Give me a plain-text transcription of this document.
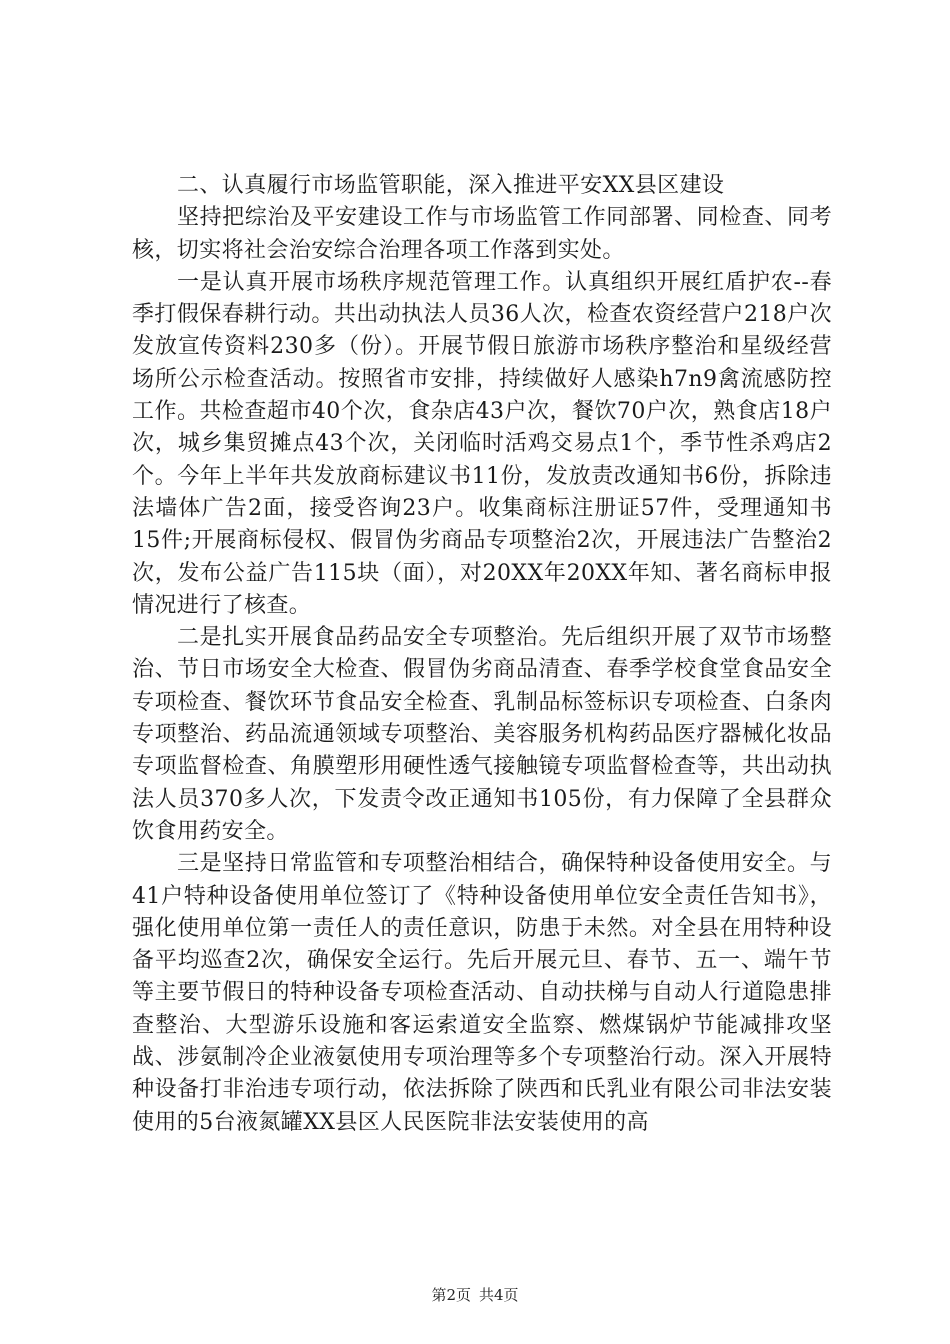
二、认真履行市场监管职能，深入推进平安XX县区建设

坚持把综治及平安建设工作与市场监管工作同部署、同检查、同考核，切实将社会治安综合治理各项工作落到实处。

一是认真开展市场秩序规范管理工作。认真组织开展红盾护农--春季打假保春耕行动。共出动执法人员36人次，检查农资经营户218户次发放宣传资料230多（份）。开展节假日旅游市场秩序整治和星级经营场所公示检查活动。按照省市安排，持续做好人感染h7n9禽流感防控工作。共检查超市40个次，食杂店43户次，餐饮70户次，熟食店18户次，城乡集贸摊点43个次，关闭临时活鸡交易点1个，季节性杀鸡店2个。今年上半年共发放商标建议书11份，发放责改通知书6份，拆除违法墙体广告2面，接受咨询23户。收集商标注册证57件，受理通知书15件;开展商标侵权、假冒伪劣商品专项整治2次，开展违法广告整治2次，发布公益广告115块（面），对20XX年20XX年知、著名商标申报情况进行了核查。

二是扎实开展食品药品安全专项整治。先后组织开展了双节市场整治、节日市场安全大检查、假冒伪劣商品清查、春季学校食堂食品安全专项检查、餐饮环节食品安全检查、乳制品标签标识专项检查、白条肉专项整治、药品流通领域专项整治、美容服务机构药品医疗器械化妆品专项监督检查、角膜塑形用硬性透气接触镜专项监督检查等，共出动执法人员370多人次，下发责令改正通知书105份，有力保障了全县群众饮食用药安全。

三是坚持日常监管和专项整治相结合，确保特种设备使用安全。与41户特种设备使用单位签订了《特种设备使用单位安全责任告知书》，强化使用单位第一责任人的责任意识，防患于未然。对全县在用特种设备平均巡查2次，确保安全运行。先后开展元旦、春节、五一、端午节等主要节假日的特种设备专项检查活动、自动扶梯与自动人行道隐患排查整治、大型游乐设施和客运索道安全监察、燃煤锅炉节能减排攻坚战、涉氨制冷企业液氨使用专项治理等多个专项整治行动。深入开展特种设备打非治违专项行动，依法拆除了陕西和氏乳业有限公司非法安装使用的5台液氮罐XX县区人民医院非法安装使用的高

第2页 共4页
